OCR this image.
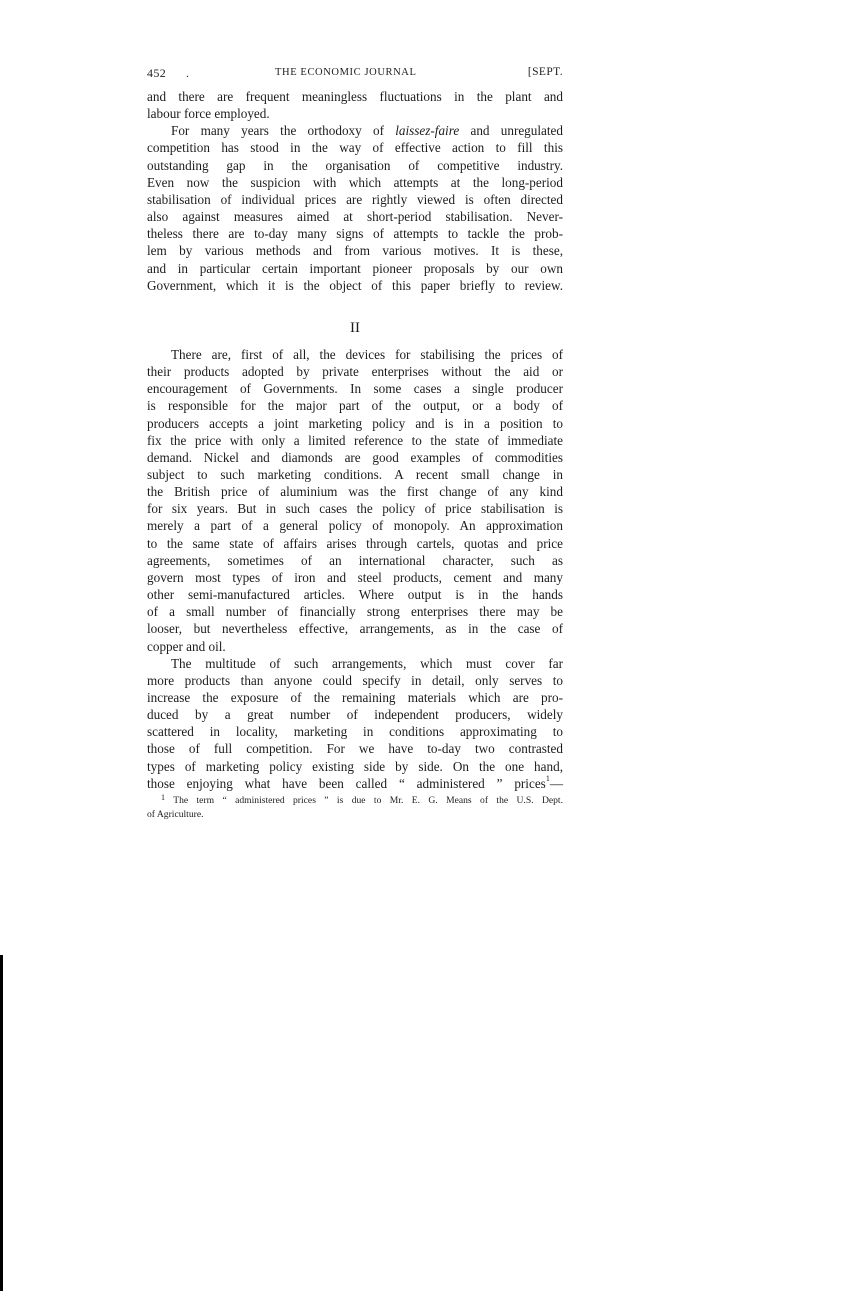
452 .	THE ECONOMIC JOURNAL	[SEPT.

and there are frequent meaningless fluctuations in the plant and
labour force employed.

For many years the orthodoxy of laissez-faire and unregulated
competition has stood in the way of effective action to fill this
outstanding gap in the organisation of competitive industry.
Even now the suspicion with which attempts at the long-period
stabilisation of individual prices are rightly viewed is often directed
also against measures aimed at short-period stabilisation. Never-
theless there are to-day many signs of attempts to tackle the prob-
lem by various methods and from various motives. It is these,
and in particular certain important pioneer proposals by our own
Government, which it is the object of this paper briefly to review.

II

There are, first of all, the devices for stabilising the prices of
their products adopted by private enterprises without the aid or
encouragement of Governments. In some cases a single producer
is responsible for the major part of the output, or a body of
producers accepts a joint marketing policy and is in a position to
fix the price with only a limited reference to the state of immediate
demand. Nickel and diamonds are good examples of commodities
subject to such marketing conditions. A recent small change in
the British price of aluminium was the first change of any kind
for six years. But in such cases the policy of price stabilisation is
merely a part of a general policy of monopoly. An approximation
to the same state of affairs arises through cartels, quotas and price
agreements, sometimes of an international character, such as
govern most types of iron and steel products, cement and many
other semi-manufactured articles. Where output is in the hands
of a small number of financially strong enterprises there may be
looser, but nevertheless effective, arrangements, as in the case of
copper and oil.

The multitude of such arrangements, which must cover far
more products than anyone could specify in detail, only serves to
increase the exposure of the remaining materials which are pro-
duced by a great number of independent producers, widely
scattered in locality, marketing in conditions approximating to
those of full competition. For we have to-day two contrasted
types of marketing policy existing side by side. On the one hand,
those enjoying what have been called “ administered ” prices$^1$—

$^1$ The term “ administered prices ” is due to Mr. E. G. Means of the U.S. Dept.
of Agriculture.
